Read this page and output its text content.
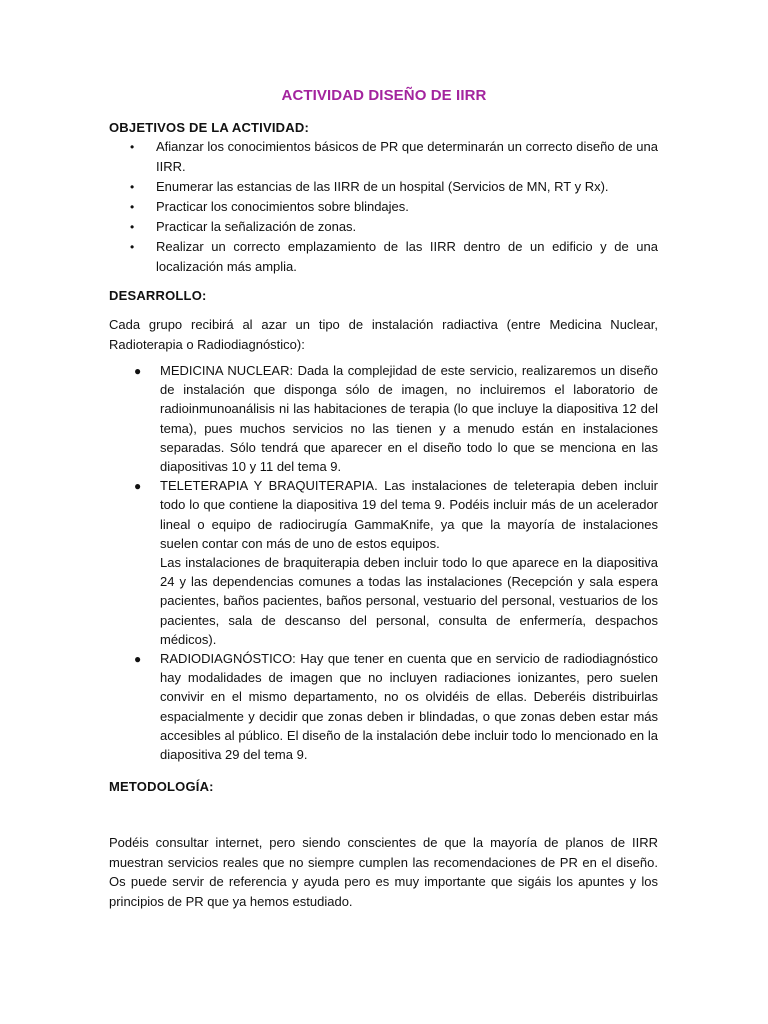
ACTIVIDAD DISEÑO DE IIRR

OBJETIVOS DE LA ACTIVIDAD:

• Afianzar los conocimientos básicos de PR que determinarán un correcto diseño de una IIRR.
• Enumerar las estancias de las IIRR de un hospital (Servicios de MN, RT y Rx).
• Practicar los conocimientos sobre blindajes.
• Practicar la señalización de zonas.
• Realizar un correcto emplazamiento de las IIRR dentro de un edificio y de una localización más amplia.

DESARROLLO:

Cada grupo recibirá al azar un tipo de instalación radiactiva (entre Medicina Nuclear, Radioterapia o Radiodiagnóstico):

● MEDICINA NUCLEAR: Dada la complejidad de este servicio, realizaremos un diseño de instalación que disponga sólo de imagen, no incluiremos el laboratorio de radioinmunoanálisis ni las habitaciones de terapia (lo que incluye la diapositiva 12 del tema), pues muchos servicios no las tienen y a menudo están en instalaciones separadas. Sólo tendrá que aparecer en el diseño todo lo que se menciona en las diapositivas 10 y 11 del tema 9.
● TELETERAPIA Y BRAQUITERAPIA. Las instalaciones de teleterapia deben incluir todo lo que contiene la diapositiva 19 del tema 9. Podéis incluir más de un acelerador lineal o equipo de radiocirugía GammaKnife, ya que la mayoría de instalaciones suelen contar con más de uno de estos equipos.
Las instalaciones de braquiterapia deben incluir todo lo que aparece en la diapositiva 24 y las dependencias comunes a todas las instalaciones (Recepción y sala espera pacientes, baños pacientes, baños personal, vestuario del personal, vestuarios de los pacientes, sala de descanso del personal, consulta de enfermería, despachos médicos).
● RADIODIAGNÓSTICO: Hay que tener en cuenta que en servicio de radiodiagnóstico hay modalidades de imagen que no incluyen radiaciones ionizantes, pero suelen convivir en el mismo departamento, no os olvidéis de ellas. Deberéis distribuirlas espacialmente y decidir que zonas deben ir blindadas, o que zonas deben estar más accesibles al público. El diseño de la instalación debe incluir todo lo mencionado en la diapositiva 29 del tema 9.

METODOLOGÍA:

Podéis consultar internet, pero siendo conscientes de que la mayoría de planos de IIRR muestran servicios reales que no siempre cumplen las recomendaciones de PR en el diseño. Os puede servir de referencia y ayuda pero es muy importante que sigáis los apuntes y los principios de PR que ya hemos estudiado.
